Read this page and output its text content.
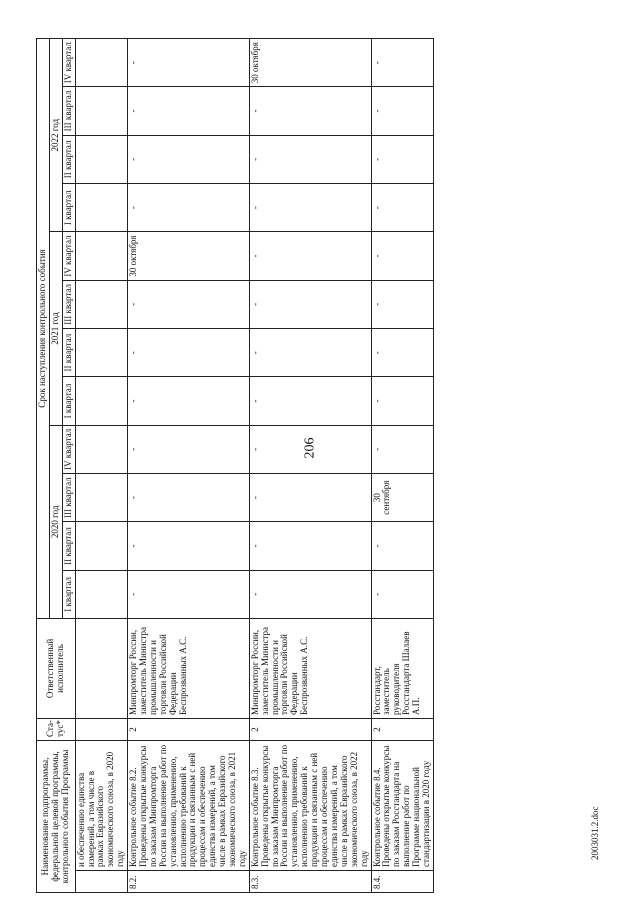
206
Наименование подпрограммы, федеральной целевой программы, контрольного события Программы		Ста-тус*	Ответственный исполнитель	Срок наступления контрольного события											
				2020 год				2021 год				2022 год			
				I квартал	II квартал	III квартал	IV квартал	I квартал	II квартал	III квартал	IV квартал	I квартал	II квартал	III квартал	IV квартал
	и обеспечению единства измерений, а том числе в рамках Евразийского экономического союза, в 2020 году														
8.2.	Контрольное событие 8.2. Проведены открытые конкурсы по заказам Минпромторга России на выполнение работ по установлению, применению, исполнению требований к продукции и связанным с ней процессам и обеспечению единства измерений, а том числе в рамках Евразийского экономического союза, в 2021 году	2	Минпромторг России, заместитель Министра промышленности и торговли Российской Федерации Беспрозванных А.С.	-	-	-	-	-	-	-	30 октября	-	-	-	-
8.3.	Контрольное событие 8.3. Проведены открытые конкурсы по заказам Минпромторга России на выполнение работ по установлению, применению, исполнению требований к продукции и связанным с ней процессам и обеспечению единства измерений, а том числе в рамках Евразийского экономического союза, в 2022 году	2	Минпромторг России, заместитель Министра промышленности и торговли Российской Федерации Беспрозванных А.С.	-	-	-	-	-	-	-	-	-	-	-	30 октября
8.4.	Контрольное событие 8.4. Проведены открытые конкурсы по заказам Росстандарта на выполнение работ по Программе национальной стандартизации в 2020 году	2	Росстандарт, заместитель руководителя Росстандарта Шалаев А.П.	-	-	30 сентября	-	-	-	-	-	-	-	-	-
2003031.2.doc
